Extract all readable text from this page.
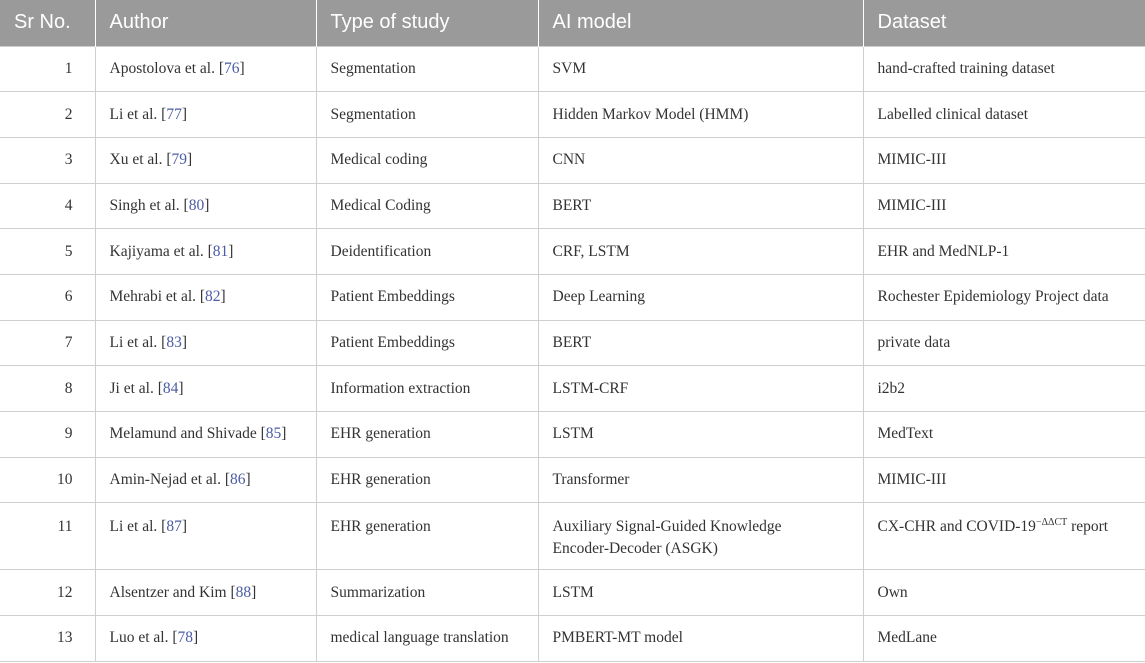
Sr No.	Author	Type of study	AI model	Dataset
1	Apostolova et al. [76]	Segmentation	SVM	hand-crafted training dataset
2	Li et al. [77]	Segmentation	Hidden Markov Model (HMM)	Labelled clinical dataset
3	Xu et al. [79]	Medical coding	CNN	MIMIC-III
4	Singh et al. [80]	Medical Coding	BERT	MIMIC-III
5	Kajiyama et al. [81]	Deidentification	CRF, LSTM	EHR and MedNLP-1
6	Mehrabi et al. [82]	Patient Embeddings	Deep Learning	Rochester Epidemiology Project data
7	Li et al. [83]	Patient Embeddings	BERT	private data
8	Ji et al. [84]	Information extraction	LSTM-CRF	i2b2
9	Melamund and Shivade [85]	EHR generation	LSTM	MedText
10	Amin-Nejad et al. [86]	EHR generation	Transformer	MIMIC-III
11	Li et al. [87]	EHR generation	Auxiliary Signal-Guided Knowledge
Encoder-Decoder (ASGK)	CX-CHR and COVID-$19^{-\Delta\Delta CT}$ report
12	Alsentzer and Kim [88]	Summarization	LSTM	Own
13	Luo et al. [78]	medical language translation	PMBERT-MT model	MedLane
